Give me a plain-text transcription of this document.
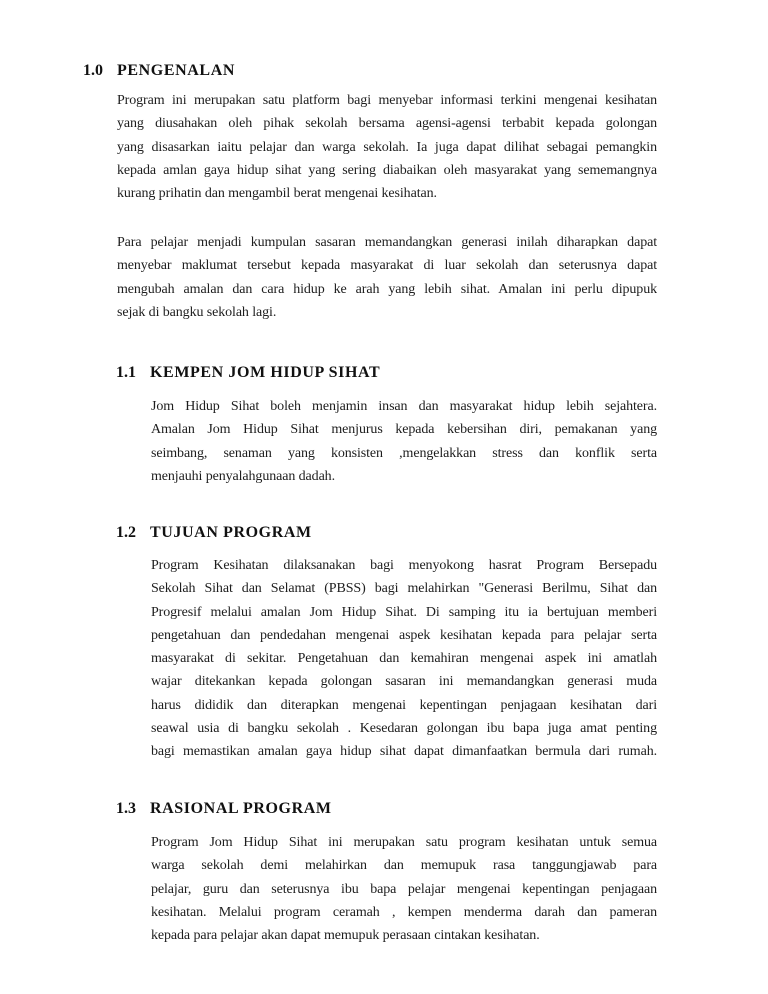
1.0 PENGENALAN
Program ini merupakan satu platform bagi menyebar informasi terkini mengenai kesihatan
yang diusahakan oleh pihak sekolah bersama agensi-agensi terbabit kepada golongan
yang disasarkan iaitu pelajar dan warga sekolah. Ia juga dapat dilihat sebagai pemangkin
kepada amlan gaya hidup sihat yang sering diabaikan oleh masyarakat yang sememangnya
kurang prihatin dan mengambil berat mengenai kesihatan.
Para pelajar menjadi kumpulan sasaran memandangkan generasi inilah diharapkan dapat
menyebar maklumat tersebut kepada masyarakat di luar sekolah dan seterusnya dapat
mengubah amalan dan cara hidup ke arah yang lebih sihat. Amalan ini perlu dipupuk
sejak di bangku sekolah lagi.
1.1 KEMPEN JOM HIDUP SIHAT
Jom Hidup Sihat boleh menjamin insan dan masyarakat hidup lebih sejahtera.
Amalan Jom Hidup Sihat menjurus kepada kebersihan diri, pemakanan yang
seimbang, senaman yang konsisten ,mengelakkan stress dan konflik serta
menjauhi penyalahgunaan dadah.
1.2 TUJUAN PROGRAM
Program Kesihatan dilaksanakan bagi menyokong hasrat Program Bersepadu
Sekolah Sihat dan Selamat (PBSS) bagi melahirkan "Generasi Berilmu, Sihat dan
Progresif melalui amalan Jom Hidup Sihat. Di samping itu ia bertujuan memberi
pengetahuan dan pendedahan mengenai aspek kesihatan kepada para pelajar serta
masyarakat di sekitar. Pengetahuan dan kemahiran mengenai aspek ini amatlah
wajar ditekankan kepada golongan sasaran ini memandangkan generasi muda
harus dididik dan diterapkan mengenai kepentingan penjagaan kesihatan dari
seawal usia di bangku sekolah . Kesedaran golongan ibu bapa juga amat penting
bagi memastikan amalan gaya hidup sihat dapat dimanfaatkan bermula dari rumah.
1.3 RASIONAL PROGRAM
Program Jom Hidup Sihat ini merupakan satu program kesihatan untuk semua
warga sekolah demi melahirkan dan memupuk rasa tanggungjawab para
pelajar, guru dan seterusnya ibu bapa pelajar mengenai kepentingan penjagaan
kesihatan. Melalui program ceramah , kempen menderma darah dan pameran
kepada para pelajar akan dapat memupuk perasaan cintakan kesihatan.
